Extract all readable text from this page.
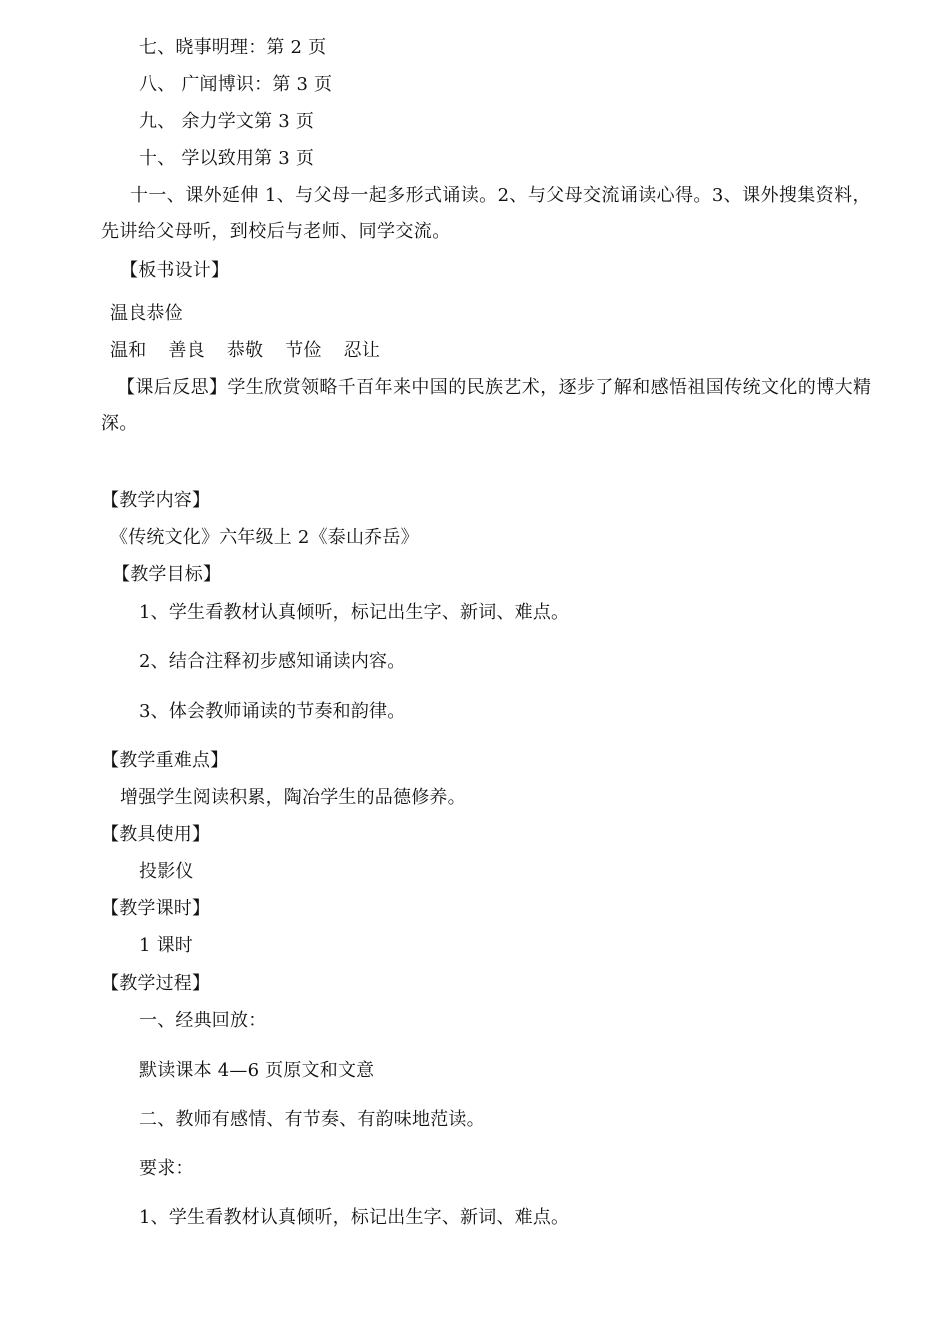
七、晓事明理：第 2 页
八、 广闻博识：第 3 页
九、 余力学文第 3 页
十、 学以致用第 3 页
十一、课外延伸 1、与父母一起多形式诵读。2、与父母交流诵读心得。3、课外搜集资料，先讲给父母听，到校后与老师、同学交流。
【板书设计】
温良恭俭
温和 善良 恭敬 节俭 忍让
【课后反思】学生欣赏领略千百年来中国的民族艺术，逐步了解和感悟祖国传统文化的博大精深。
【教学内容】
《传统文化》六年级上 2《泰山乔岳》
【教学目标】
1、学生看教材认真倾听，标记出生字、新词、难点。
2、结合注释初步感知诵读内容。
3、体会教师诵读的节奏和韵律。
【教学重难点】
增强学生阅读积累，陶冶学生的品德修养。
【教具使用】
投影仪
【教学课时】
1 课时
【教学过程】
一、经典回放：
默读课本 4—6 页原文和文意
二、教师有感情、有节奏、有韵味地范读。
要求：
1、学生看教材认真倾听，标记出生字、新词、难点。
